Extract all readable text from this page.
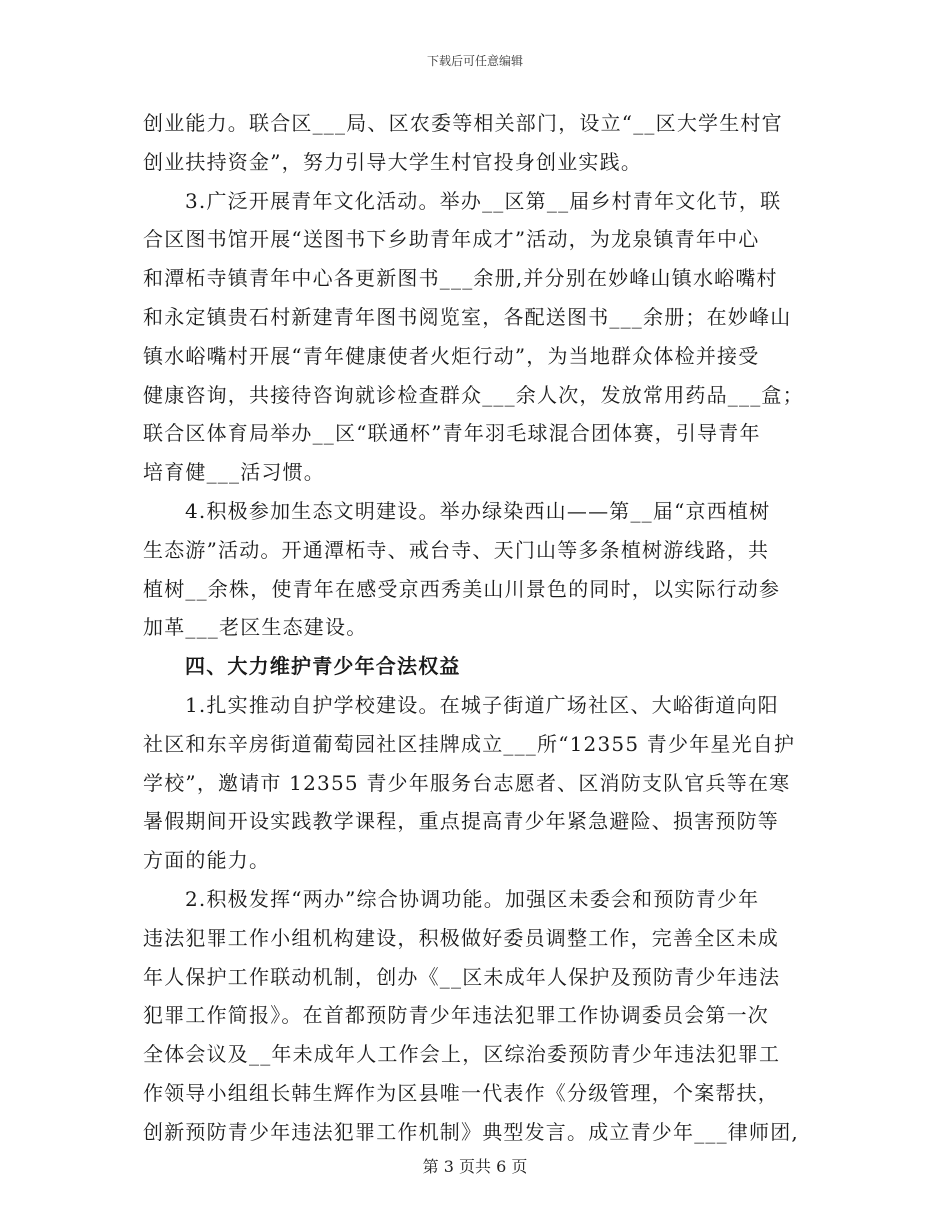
下载后可任意编辑
创业能力。联合区___局、区农委等相关部门，设立“__区大学生村官
创业扶持资金”，努力引导大学生村官投身创业实践。
3.广泛开展青年文化活动。举办__区第__届乡村青年文化节，联
合区图书馆开展“送图书下乡助青年成才”活动，为龙泉镇青年中心
和潭柘寺镇青年中心各更新图书___余册,并分别在妙峰山镇水峪嘴村
和永定镇贵石村新建青年图书阅览室，各配送图书___余册；在妙峰山
镇水峪嘴村开展“青年健康使者火炬行动”，为当地群众体检并接受
健康咨询，共接待咨询就诊检查群众___余人次，发放常用药品___盒；
联合区体育局举办__区“联通杯”青年羽毛球混合团体赛，引导青年
培育健___活习惯。
4.积极参加生态文明建设。举办绿染西山——第__届“京西植树
生态游”活动。开通潭柘寺、戒台寺、天门山等多条植树游线路，共
植树__余株，使青年在感受京西秀美山川景色的同时，以实际行动参
加革___老区生态建设。
四、大力维护青少年合法权益
1.扎实推动自护学校建设。在城子街道广场社区、大峪街道向阳
社区和东辛房街道葡萄园社区挂牌成立___所“12355 青少年星光自护
学校”，邀请市 12355 青少年服务台志愿者、区消防支队官兵等在寒
暑假期间开设实践教学课程，重点提高青少年紧急避险、损害预防等
方面的能力。
2.积极发挥“两办”综合协调功能。加强区未委会和预防青少年
违法犯罪工作小组机构建设，积极做好委员调整工作，完善全区未成
年人保护工作联动机制，创办《__区未成年人保护及预防青少年违法
犯罪工作简报》。在首都预防青少年违法犯罪工作协调委员会第一次
全体会议及__年未成年人工作会上，区综治委预防青少年违法犯罪工
作领导小组组长韩生辉作为区县唯一代表作《分级管理，个案帮扶，
创新预防青少年违法犯罪工作机制》典型发言。成立青少年___律师团,
第 3 页共 6 页
